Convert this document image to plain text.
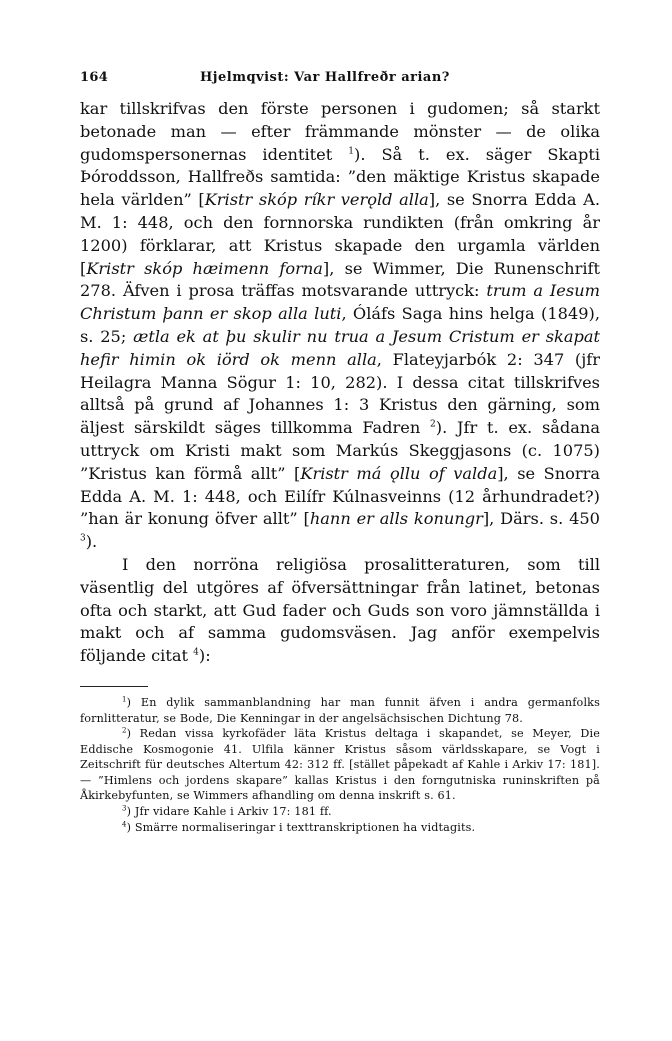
164	Hjelmqvist: Var Hallfreðr arian?

kar tillskrifvas den förste personen i gudomen; så starkt betonade man — efter främmande mönster — de olika gudomspersonernas identitet $^1$). Så t. ex. säger Skapti Þóroddsson, Hallfreðs samtida: ”den mäktige Kristus skapade hela världen” [Kristr skóp ríkr verǫld alla], se Snorra Edda A. M. 1: 448, och den fornnorska rundikten (från omkring år 1200) förklarar, att Kristus skapade den urgamla världen [Kristr skóp hæimenn forna], se Wimmer, Die Runenschrift 278. Äfven i prosa träffas motsvarande uttryck: trum a Iesum Christum þann er skop alla luti, Óláfs Saga hins helga (1849), s. 25; ætla ek at þu skulir nu trua a Jesum Cristum er skapat hefir himin ok iörd ok menn alla, Flateyjarbók 2: 347 (jfr Heilagra Manna Sögur 1: 10, 282). I dessa citat tillskrifves alltså på grund af Johannes 1: 3 Kristus den gärning, som äljest särskildt säges tillkomma Fadren $^2$). Jfr t. ex. sådana uttryck om Kristi makt som Markús Skeggjasons (c. 1075) ”Kristus kan förmå allt” [Kristr má ǫllu of valda], se Snorra Edda A. M. 1: 448, och Eilífr Kúlnasveinns (12 århundradet?) ”han är konung öfver allt” [hann er alls konungr], Därs. s. 450 $^3$).

I den norröna religiösa prosalitteraturen, som till väsentlig del utgöres af öfversättningar från latinet, betonas ofta och starkt, att Gud fader och Guds son voro jämnställda i makt och af samma gudomsväsen. Jag anför exempelvis följande citat $^4$):

$^1$) En dylik sammanblandning har man funnit äfven i andra germanfolks fornlitteratur, se Bode, Die Kenningar in der angelsächsischen Dichtung 78.

$^2$) Redan vissa kyrkofäder läta Kristus deltaga i skapandet, se Meyer, Die Eddische Kosmogonie 41. Ulfila känner Kristus såsom världsskapare, se Vogt i Zeitschrift für deutsches Altertum 42: 312 ff. [stället påpekadt af Kahle i Arkiv 17: 181]. — ”Himlens och jordens skapare” kallas Kristus i den forngutniska runinskriften på Åkirkebyfunten, se Wimmers afhandling om denna inskrift s. 61.

$^3$) Jfr vidare Kahle i Arkiv 17: 181 ff.

$^4$) Smärre normaliseringar i texttranskriptionen ha vidtagits.
